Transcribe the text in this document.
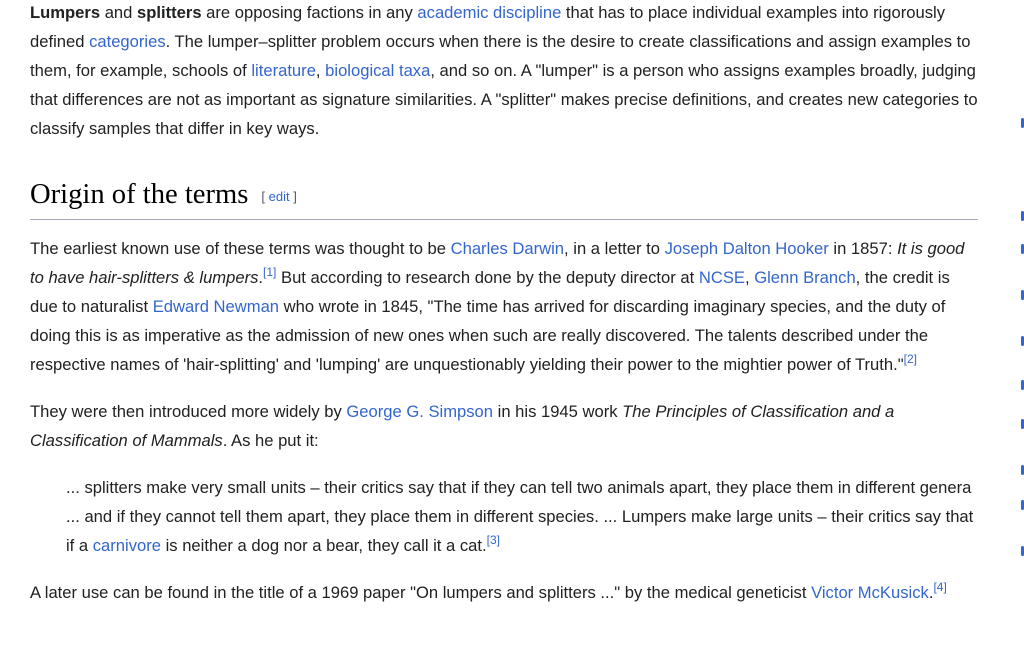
Lumpers and splitters are opposing factions in any academic discipline that has to place individual examples into rigorously defined categories. The lumper–splitter problem occurs when there is the desire to create classifications and assign examples to them, for example, schools of literature, biological taxa, and so on. A "lumper" is a person who assigns examples broadly, judging that differences are not as important as signature similarities. A "splitter" makes precise definitions, and creates new categories to classify samples that differ in key ways.

Origin of the terms [ edit ]

The earliest known use of these terms was thought to be Charles Darwin, in a letter to Joseph Dalton Hooker in 1857: It is good to have hair-splitters & lumpers.[1] But according to research done by the deputy director at NCSE, Glenn Branch, the credit is due to naturalist Edward Newman who wrote in 1845, "The time has arrived for discarding imaginary species, and the duty of doing this is as imperative as the admission of new ones when such are really discovered. The talents described under the respective names of 'hair-splitting' and 'lumping' are unquestionably yielding their power to the mightier power of Truth."[2]

They were then introduced more widely by George G. Simpson in his 1945 work The Principles of Classification and a Classification of Mammals. As he put it:

... splitters make very small units – their critics say that if they can tell two animals apart, they place them in different genera ... and if they cannot tell them apart, they place them in different species. ... Lumpers make large units – their critics say that if a carnivore is neither a dog nor a bear, they call it a cat.[3]

A later use can be found in the title of a 1969 paper "On lumpers and splitters ..." by the medical geneticist Victor McKusick.[4]
